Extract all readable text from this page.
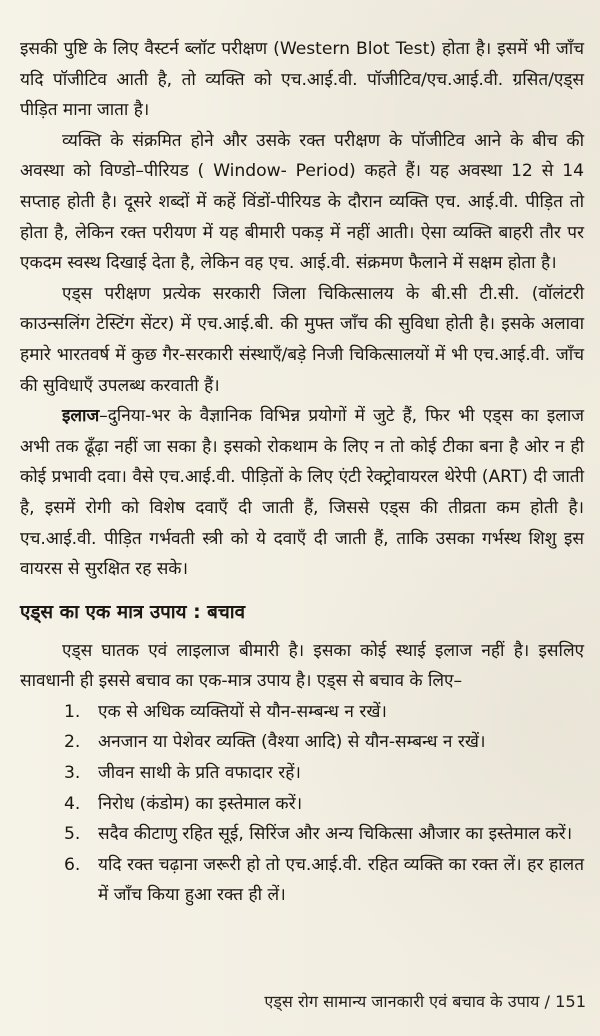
इसकी पुष्टि के लिए वैस्टर्न ब्लॉट परीक्षण (Western Blot Test) होता है। इसमें भी जाँच यदि पॉजीटिव आती है, तो व्यक्ति को एच.आई.वी. पॉजीटिव/एच.आई.वी. ग्रसित/एड्स पीड़ित माना जाता है।

व्यक्ति के संक्रमित होने और उसके रक्त परीक्षण के पॉजीटिव आने के बीच की अवस्था को विण्डो–पीरियड ( Window- Period) कहते हैं। यह अवस्था 12 से 14 सप्ताह होती है। दूसरे शब्दों में कहें विंडों-पीरियड के दौरान व्यक्ति एच. आई.वी. पीड़ित तो होता है, लेकिन रक्त परीयण में यह बीमारी पकड़ में नहीं आती। ऐसा व्यक्ति बाहरी तौर पर एकदम स्वस्थ दिखाई देता है, लेकिन वह एच. आई.वी. संक्रमण फैलाने में सक्षम होता है।

एड्स परीक्षण प्रत्येक सरकारी जिला चिकित्सालय के बी.सी टी.सी. (वॉलंटरी काउन्सलिंग टेस्टिंग सेंटर) में एच.आई.बी. की मुफ्त जाँच की सुविधा होती है। इसके अलावा हमारे भारतवर्ष में कुछ गैर-सरकारी संस्थाएँ/बड़े निजी चिकित्सालयों में भी एच.आई.वी. जाँच की सुविधाएँ उपलब्ध करवाती हैं।

इलाज–दुनिया-भर के वैज्ञानिक विभिन्न प्रयोगों में जुटे हैं, फिर भी एड्स का इलाज अभी तक ढूँढ़ा नहीं जा सका है। इसको रोकथाम के लिए न तो कोई टीका बना है ओर न ही कोई प्रभावी दवा। वैसे एच.आई.वी. पीड़ितों के लिए एंटी रेक्ट्रोवायरल थेरेपी (ART) दी जाती है, इसमें रोगी को विशेष दवाएँ दी जाती हैं, जिससे एड्स की तीव्रता कम होती है। एच.आई.वी. पीड़ित गर्भवती स्त्री को ये दवाएँ दी जाती हैं, ताकि उसका गर्भस्थ शिशु इस वायरस से सुरक्षित रह सके।

एड्स का एक मात्र उपाय : बचाव

एड्स घातक एवं लाइलाज बीमारी है। इसका कोई स्थाई इलाज नहीं है। इसलिए सावधानी ही इससे बचाव का एक-मात्र उपाय है। एड्स से बचाव के लिए–

1.	एक से अधिक व्यक्तियों से यौन-सम्बन्ध न रखें।
2.	अनजान या पेशेवर व्यक्ति (वैश्या आदि) से यौन-सम्बन्ध न रखें।
3.	जीवन साथी के प्रति वफादार रहें।
4.	निरोध (कंडोम) का इस्तेमाल करें।
5.	सदैव कीटाणु रहित सूई, सिरिंज और अन्य चिकित्सा औजार का इस्तेमाल करें।
6.	यदि रक्त चढ़ाना जरूरी हो तो एच.आई.वी. रहित व्यक्ति का रक्त लें। हर हालत में जाँच किया हुआ रक्त ही लें।
एड्स रोग सामान्य जानकारी एवं बचाव के उपाय / 151
